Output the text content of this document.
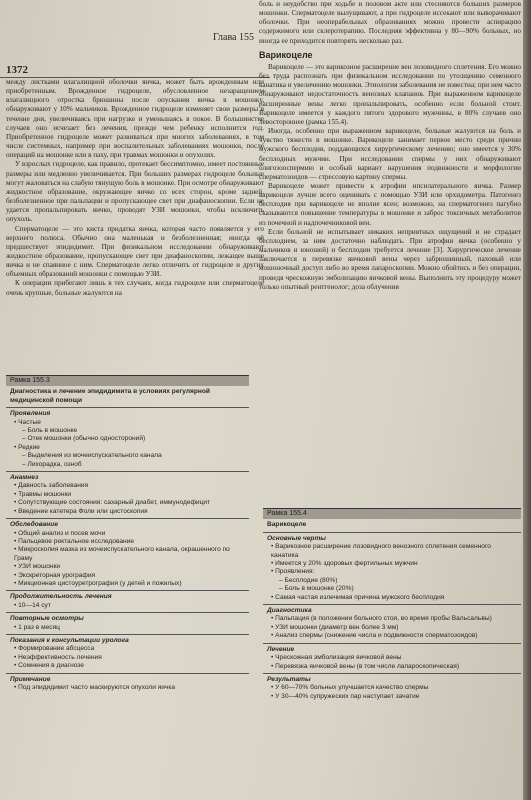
Глава 155
1372

между листками влагалищной оболочки яичка, может быть врожденным или приобретенным. Врожденное гидроцеле, обусловленное незаращением влагалищного отростка брюшины после опускания яичка в мошонку, обнаруживают у 10% мальчиков. Врожденное гидроцеле изменяет свои размеры в течение дня, увеличиваясь при нагрузке и уменьшаясь в покое. В большинстве случаев оно исчезает без лечения, прежде чем ребенку исполнится год. Приобретенное гидроцеле может развиваться при многих заболеваниях, в том числе системных, например при воспалительных заболеваниях мошонки, после операций на мошонке или в паху, при травмах мошонки и опухолях.

У взрослых гидроцеле, как правило, протекает бессимптомно, имеет постоянные размеры или медленно увеличивается. При больших размерах гидроцеле больные могут жаловаться на слабую тянущую боль в мошонке. При осмотре обнаруживают жидкостное образование, окружающее яичко со всех сторон, кроме задней, безболезненное при пальпации и пропускающее свет при диафаноскопии. Если не удается пропальпировать яичко, проводят УЗИ мошонки, чтобы исключить опухоль.

Сперматоцеле — это киста придатка яичка, которая часто появляется у его верхнего полюса. Обычно она маленькая и безболезненная; иногда ей предшествует эпидидимит. При физикальном исследовании обнаруживают жидкостное образование, пропускающее свет при диафаноскопии, лежащее выше яичка и не спаянное с ним. Сперматоцеле легко отличить от гидроцеле и других объемных образований мошонки с помощью УЗИ.

К операции прибегают лишь в тех случаях, когда гидроцеле или сперматоцеле очень крупные, больные жалуются на

боль и неудобство при ходьбе и половом акте или стесняются больших размеров мошонки. Сперматоцеле вылущивают, а при гидроцеле иссекают или выворачивают оболочки. При неоперабельных образованиях можно провести аспирацию содержимого или склеротерапию. Последняя эффективна у 80—90% больных, но иногда ее приходится повторять несколько раз.

Варикоцеле

Варикоцеле — это варикозное расширение вен лозовидного сплетения. Его можно без труда распознать при физикальном исследовании по утолщению семенного канатика и увеличению мошонки. Этиология заболевания не известна; при нем часто обнаруживают недостаточность венозных клапанов. При выраженном варикоцеле расширенные вены легко пропальпировать, особенно если больной стоит. Варикоцеле имеется у каждого пятого здорового мужчины, в 80% случаев оно левостороннее (рамка 155.4).

Иногда, особенно при выраженном варикоцеле, больные жалуются на боль и чувство тяжести в мошонке. Варикоцеле занимает первое место среди причин мужского бесплодия, поддающихся хирургическому лечению; оно имеется у 30% бесплодных мужчин. При исследовании спермы у них обнаруживают олигозооспермию и особый вариант нарушения подвижности и морфологии сперматозоидов — стрессовую картину спермы.

Варикоцеле может привести к атрофии ипсилатерального яичка. Размер варикоцеле лучше всего оценивать с помощью УЗИ или орхидометра. Патогенез бесплодия при варикоцеле не вполне ясен; возможно, на сперматогенез пагубно сказываются повышение температуры в мошонке и заброс токсичных метаболитов из почечной и надпочечниковой вен.

Если больной не испытывает никаких неприятных ощущений и не страдает бесплодием, за ним достаточно наблюдать. При атрофии яичка (особенно у мальчиков и юношей) и бесплодии требуется лечение [3]. Хирургическое лечение заключается в перевязке яичковой вены через забрюшинный, паховый или мошоночный доступ либо во время лапароскопии. Можно обойтись и без операции, проведя чрескожную эмболизацию яичковой вены. Выполнить эту процедуру может только опытный рентгенолог; доза облучения

Рамка 155.3
Диагностика и лечение эпидидимита в условиях регулярной медицинской помощи
Проявления
• Частые
– Боль в мошонке
– Отек мошонки (обычно одностороний)
• Редкие
– Выделения из мочеиспускательного канала
– Лихорадка, озноб
Анамнез
• Давность заболевания
• Травмы мошонки
• Сопутствующие состояния: сахарный диабет, иммунодефицит
• Введение катетера Фоли или цистоскопия
Обследование
• Общий анализ и посев мочи
• Пальцевое ректальное исследование
• Микроскопия мазка из мочеиспускательного канала, окрашенного по Граму
• УЗИ мошонки
• Экскреторная урография
• Микционная цистоуретрография (у детей и пожилых)
Продолжительность лечения
• 10—14 сут
Повторные осмотры
• 1 раз в месяц
Показания к консультации уролога
• Формирование абсцесса
• Неэффективность лечения
• Сомнения в диагнозе
Примечание
• Под эпидидимит часто маскируются опухоли яичка
Рамка 155.4
Варикоцеле
Основные черты
• Варикозное расширение лозовидного венозного сплетения семенного канатика
• Имеется у 20% здоровых фертильных мужчин
• Проявления:
– Бесплодие (80%)
– Боль в мошонке (20%)
• Самая частая излечимая причина мужского бесплодия
Диагностика
• Пальпация (в положении больного стоя, во время пробы Вальсальвы)
• УЗИ мошонки (диаметр вен более 3 мм)
• Анализ спермы (снижение числа и подвижности сперматозоидов)
Лечение
• Чрескожная эмболизация яичковой вены
• Перевязка яичковой вены (в том числе лапароскопическая)
Результаты
• У 60—70% больных улучшается качество спермы
• У 30—40% супружеских пар наступает зачатие
